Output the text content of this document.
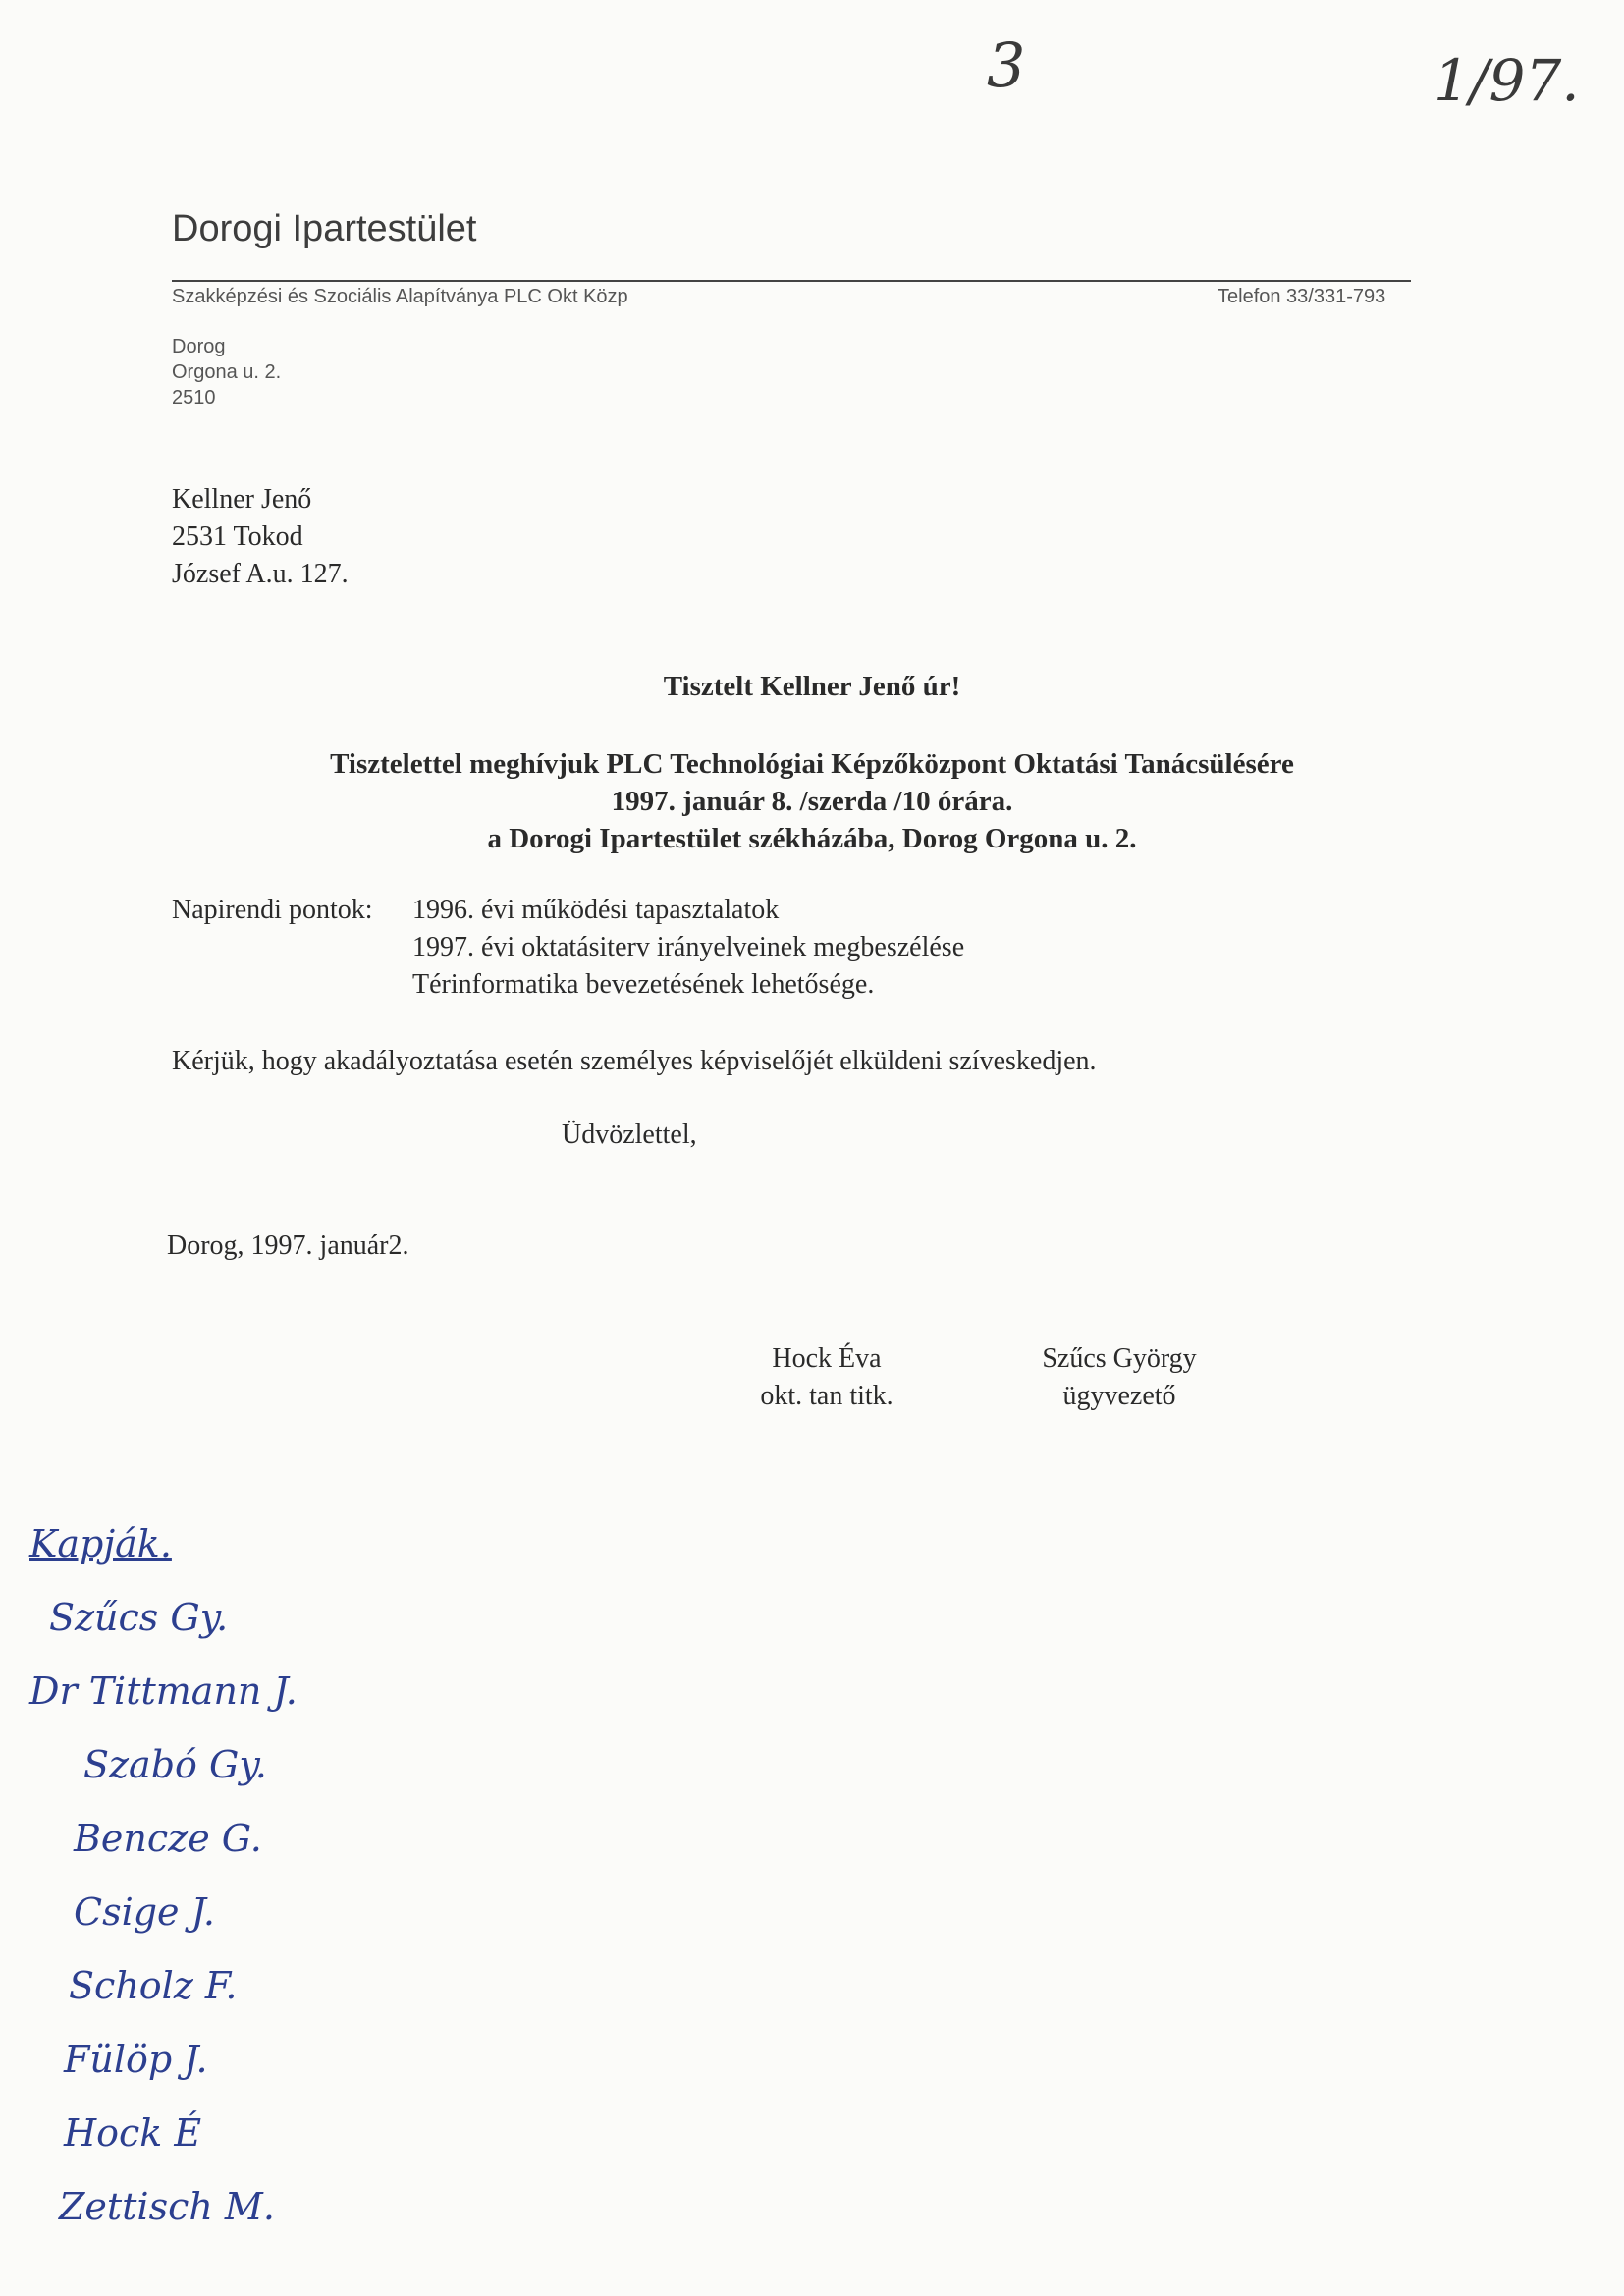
3	1/97.
Dorogi Ipartestület
Szakképzési és Szociális Alapítványa PLC Okt Közp	Telefon 33/331-793
Dorog
Orgona u. 2.
2510
Kellner Jenő
2531 Tokod
József A.u. 127.
Tisztelt Kellner Jenő úr!
Tisztelettel meghívjuk PLC Technológiai Képzőközpont Oktatási Tanácsülésére
1997. január 8. /szerda /10 órára.
a Dorogi Ipartestület székházába, Dorog Orgona u. 2.
Napirendi pontok: 1996. évi működési tapasztalatok
1997. évi oktatásiterv irányelveinek megbeszélése
Térinformatika bevezetésének lehetősége.
Kérjük, hogy akadályoztatása esetén személyes képviselőjét elküldeni szíveskedjen.
Üdvözlettel,
Dorog, 1997. január2.
Hock Éva
okt. tan titk.
Szűcs György
ügyvezető
Kapják.
Szűcs Gy.
Dr Tittmann J.
Szabó Gy.
Bencze G.
Csige J.
Scholz F.
Fülöp J.
Hock É
Zettisch M.
